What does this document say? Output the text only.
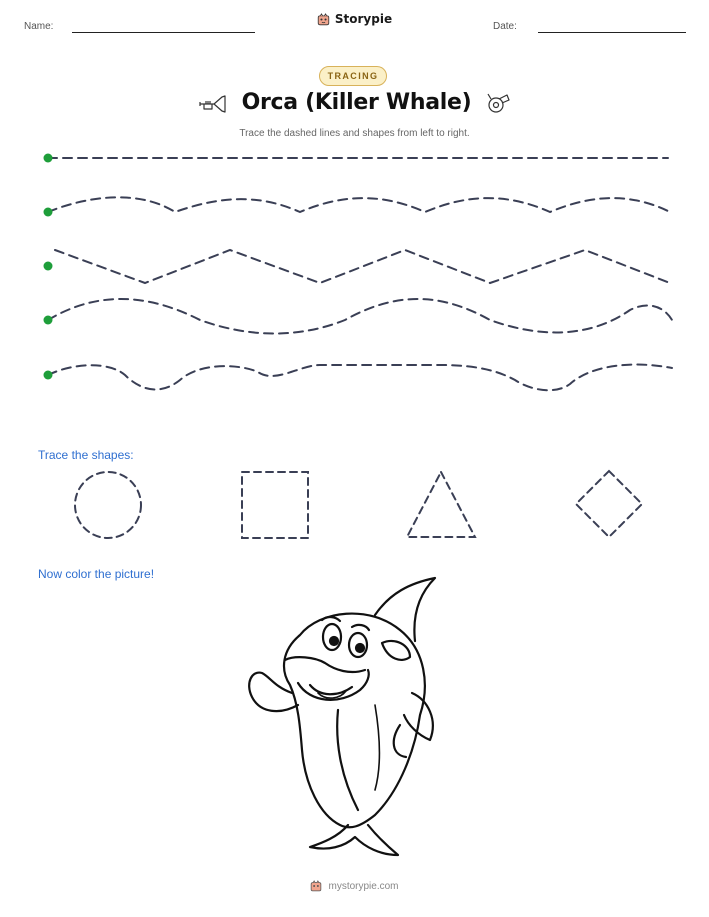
Name:
Storypie
Date:
TRACING
Orca (Killer Whale)
Trace the dashed lines and shapes from left to right.
Trace the shapes:
Now color the picture!
mystorypie.com
